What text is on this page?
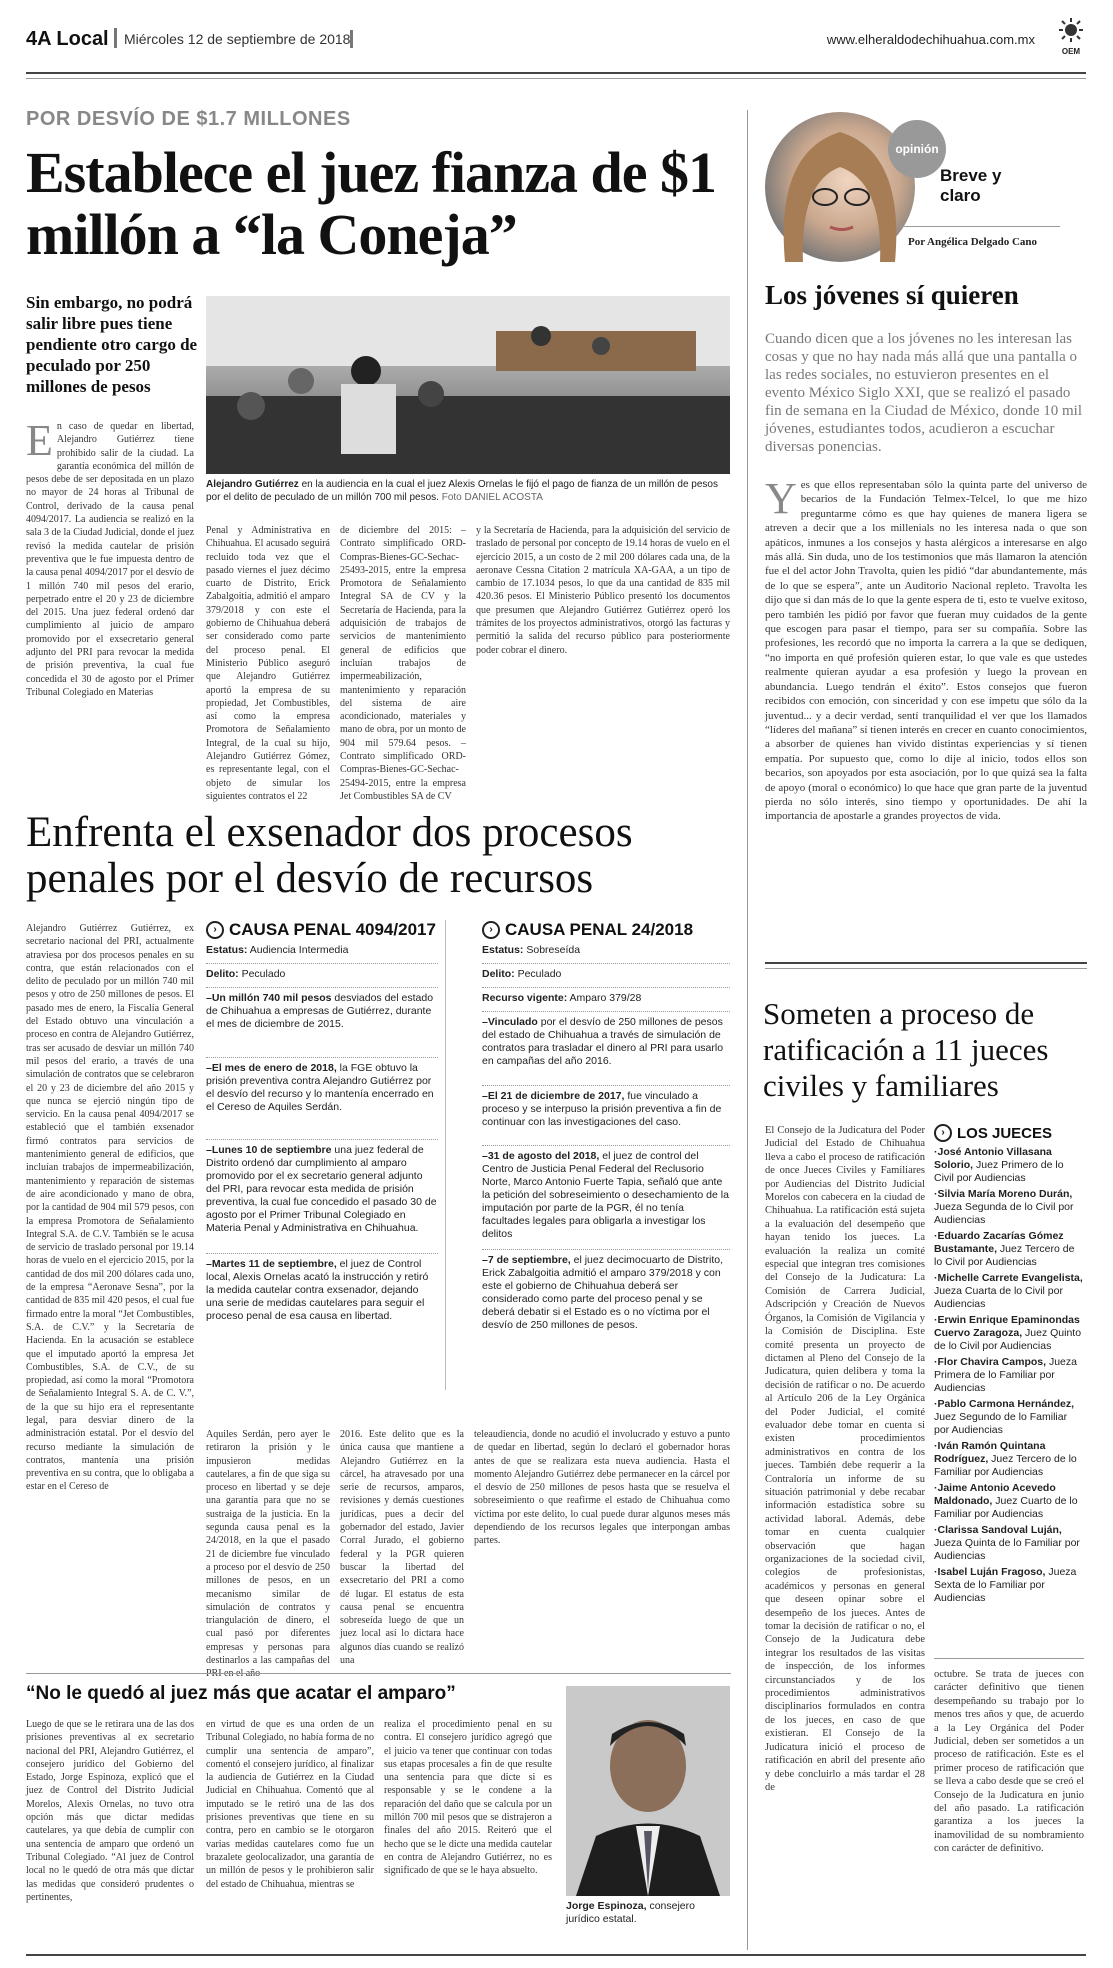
4A Local Miércoles 12 de septiembre de 2018	www.elheraldodechihuahua.com.mx
OEM
POR DESVÍO DE $1.7 MILLONES
Establece el juez fianza de $1 millón a “la Coneja”
Sin embargo, no podrá salir libre pues tiene pendiente otro cargo de peculado por 250 millones de pesos
Alejandro Gutiérrez en la audiencia en la cual el juez Alexis Ornelas le fijó el pago de fianza de un millón de pesos por el delito de peculado de un millón 700 mil pesos. Foto DANIEL ACOSTA
En caso de quedar en libertad, Alejandro Gutiérrez tiene prohibido salir de la ciudad. La garantía económica del millón de pesos debe de ser depositada en un plazo no mayor de 24 horas al Tribunal de Control, derivado de la causa penal 4094/2017. La audiencia se realizó en la sala 3 de la Ciudad Judicial, donde el juez revisó la medida cautelar de prisión preventiva que le fue impuesta dentro de la causa penal 4094/2017 por el desvío de 1 millón 740 mil pesos del erario, perpetrado entre el 20 y 23 de diciembre del 2015. Una juez federal ordenó dar cumplimiento al juicio de amparo promovido por el exsecretario general adjunto del PRI para revocar la medida de prisión preventiva, la cual fue concedida el 30 de agosto por el Primer Tribunal Colegiado en Materias
Penal y Administrativa en Chihuahua. El acusado seguirá recluido toda vez que el pasado viernes el juez décimo cuarto de Distrito, Erick Zabalgoitia, admitió el amparo 379/2018 y con este el gobierno de Chihuahua deberá ser considerado como parte del proceso penal. El Ministerio Público aseguró que Alejandro Gutiérrez aportó la empresa de su propiedad, Jet Combustibles, así como la empresa Promotora de Señalamiento Integral, de la cual su hijo, Alejandro Gutiérrez Gómez, es representante legal, con el objeto de simular los siguientes contratos el 22
de diciembre del 2015: –Contrato simplificado ORD-Compras-Bienes-GC-Sechac-25493-2015, entre la empresa Promotora de Señalamiento Integral SA de CV y la Secretaría de Hacienda, para la adquisición de trabajos de servicios de mantenimiento general de edificios que incluían trabajos de impermeabilización, mantenimiento y reparación del sistema de aire acondicionado, materiales y mano de obra, por un monto de 904 mil 579.64 pesos. –Contrato simplificado ORD-Compras-Bienes-GC-Sechac-25494-2015, entre la empresa Jet Combustibles SA de CV
y la Secretaría de Hacienda, para la adquisición del servicio de traslado de personal por concepto de 19.14 horas de vuelo en el ejercicio 2015, a un costo de 2 mil 200 dólares cada una, de la aeronave Cessna Citation 2 matrícula XA-GAA, a un tipo de cambio de 17.1034 pesos, lo que da una cantidad de 835 mil 420.36 pesos. El Ministerio Público presentó los documentos que presumen que Alejandro Gutiérrez Gutiérrez operó los trámites de los proyectos administrativos, otorgó las facturas y permitió la salida del recurso público para posteriormente poder cobrar el dinero.
Enfrenta el exsenador dos procesos penales por el desvío de recursos
Alejandro Gutiérrez Gutiérrez, ex secretario nacional del PRI, actualmente atraviesa por dos procesos penales en su contra, que están relacionados con el delito de peculado por un millón 740 mil pesos y otro de 250 millones de pesos. El pasado mes de enero, la Fiscalía General del Estado obtuvo una vinculación a proceso en contra de Alejandro Gutiérrez, tras ser acusado de desviar un millón 740 mil pesos del erario, a través de una simulación de contratos que se celebraron el 20 y 23 de diciembre del año 2015 y que nunca se ejerció ningún tipo de servicio. En la causa penal 4094/2017 se estableció que el también exsenador firmó contratos para servicios de mantenimiento general de edificios, que incluían trabajos de impermeabilización, mantenimiento y reparación de sistemas de aire acondicionado y mano de obra, por la cantidad de 904 mil 579 pesos, con la empresa Promotora de Señalamiento Integral S.A. de C.V. También se le acusa de servicio de traslado personal por 19.14 horas de vuelo en el ejercicio 2015, por la cantidad de dos mil 200 dólares cada uno, de la empresa “Aeronave Sesna”, por la cantidad de 835 mil 420 pesos, el cual fue firmado entre la moral “Jet Combustibles, S.A. de C.V.” y la Secretaría de Hacienda. En la acusación se establece que el imputado aportó la empresa Jet Combustibles, S.A. de C.V., de su propiedad, así como la moral “Promotora de Señalamiento Integral S. A. de C. V.”, de la que su hijo era el representante legal, para desviar dinero de la administración estatal. Por el desvío del recurso mediante la simulación de contratos, mantenía una prisión preventiva en su contra, que lo obligaba a estar en el Cereso de
› CAUSA PENAL 4094/2017
Estatus: Audiencia Intermedia
Delito: Peculado
–Un millón 740 mil pesos desviados del estado de Chihuahua a empresas de Gutiérrez, durante el mes de diciembre de 2015.
–El mes de enero de 2018, la FGE obtuvo la prisión preventiva contra Alejandro Gutiérrez por el desvío del recurso y lo mantenía encerrado en el Cereso de Aquiles Serdán.
–Lunes 10 de septiembre una juez federal de Distrito ordenó dar cumplimiento al amparo promovido por el ex secretario general adjunto del PRI, para revocar esta medida de prisión preventiva, la cual fue concedido el pasado 30 de agosto por el Primer Tribunal Colegiado en Materia Penal y Administrativa en Chihuahua.
–Martes 11 de septiembre, el juez de Control local, Alexis Ornelas acató la instrucción y retiró la medida cautelar contra exsenador, dejando una serie de medidas cautelares para seguir el proceso penal de esa causa en libertad.
› CAUSA PENAL 24/2018
Estatus: Sobreseída
Delito: Peculado
Recurso vigente: Amparo 379/28
–Vinculado por el desvío de 250 millones de pesos del estado de Chihuahua a través de simulación de contratos para trasladar el dinero al PRI para usarlo en campañas del año 2016.
–El 21 de diciembre de 2017, fue vinculado a proceso y se interpuso la prisión preventiva a fin de continuar con las investigaciones del caso.
–31 de agosto del 2018, el juez de control del Centro de Justicia Penal Federal del Reclusorio Norte, Marco Antonio Fuerte Tapia, señaló que ante la petición del sobreseimiento o desechamiento de la imputación por parte de la PGR, él no tenía facultades legales para obligarla a investigar los delitos
–7 de septiembre, el juez decimocuarto de Distrito, Erick Zabalgoitia admitió el amparo 379/2018 y con este el gobierno de Chihuahua deberá ser considerado como parte del proceso penal y se deberá debatir si el Estado es o no víctima por el desvío de 250 millones de pesos.
Aquiles Serdán, pero ayer le retiraron la prisión y le impusieron medidas cautelares, a fin de que siga su proceso en libertad y se deje una garantía para que no se sustraiga de la justicia. En la segunda causa penal es la 24/2018, en la que el pasado 21 de diciembre fue vinculado a proceso por el desvío de 250 millones de pesos, en un mecanismo similar de simulación de contratos y triangulación de dinero, el cual pasó por diferentes empresas y personas para destinarlos a las campañas del
2016. Este delito que es la única causa que mantiene a Alejandro Gutiérrez en la cárcel, ha atravesado por una serie de recursos, amparos, revisiones y demás cuestiones jurídicas, pues a decir del gobernador del estado, Javier Corral Jurado, el gobierno federal y la PGR quieren buscar la libertad del exsecretario del PRI a como dé lugar. El estatus de esta causa penal se encuentra sobreseída luego de que un juez local así lo dictara hace algunos días cuando se realizó una
teleaudiencia, donde no acudió el involucrado y estuvo a punto de quedar en libertad, según lo declaró el gobernador horas antes de que se realizara esta nueva audiencia. Hasta el momento Alejandro Gutiérrez debe permanecer en la cárcel por el desvío de 250 millones de pesos hasta que se resuelva el sobreseimiento o que reafirme el estado de Chihuahua como víctima por este delito, lo cual puede durar algunos meses más dependiendo de los recursos legales que interpongan ambas partes.
“No le quedó al juez más que acatar el amparo”
Luego de que se le retirara una de las dos prisiones preventivas al ex secretario nacional del PRI, Alejandro Gutiérrez, el consejero jurídico del Gobierno del Estado, Jorge Espinoza, explicó que el juez de Control del Distrito Judicial Morelos, Alexis Ornelas, no tuvo otra opción más que dictar medidas cautelares, ya que debía de cumplir con una sentencia de amparo que ordenó un Tribunal Colegiado. “Al juez de Control local no le quedó de otra más que dictar las medidas que consideró prudentes o pertinentes,
en virtud de que es una orden de un Tribunal Colegiado, no había forma de no cumplir una sentencia de amparo”, comentó el consejero jurídico, al finalizar la audiencia de Gutiérrez en la Ciudad Judicial en Chihuahua. Comentó que al imputado se le retiró una de las dos prisiones preventivas que tiene en su contra, pero en cambio se le otorgaron varias medidas cautelares como fue un brazalete geolocalizador, una garantía de un millón de pesos y le prohibieron salir del estado de Chihuahua, mientras se
realiza el procedimiento penal en su contra. El consejero jurídico agregó que el juicio va tener que continuar con todas sus etapas procesales a fin de que resulte una sentencia para que dicte si es responsable y se le condene a la reparación del daño que se calcula por un millón 700 mil pesos que se distrajeron a finales del año 2015. Reiteró que el hecho que se le dicte una medida cautelar en contra de Alejandro Gutiérrez, no es significado de que se le haya absuelto.
Jorge Espinoza, consejero jurídico estatal.
opinión
Breve y claro
Por Angélica Delgado Cano
Los jóvenes sí quieren
Cuando dicen que a los jóvenes no les interesan las cosas y que no hay nada más allá que una pantalla o las redes sociales, no estuvieron presentes en el evento México Siglo XXI, que se realizó el pasado fin de semana en la Ciudad de México, donde 10 mil jóvenes, estudiantes todos, acudieron a escuchar diversas ponencias.
Yes que ellos representaban sólo la quinta parte del universo de becarios de la Fundación Telmex-Telcel, lo que me hizo preguntarme cómo es que hay quienes de manera ligera se atreven a decir que a los millenials no les interesa nada o que son apáticos, inmunes a los consejos y hasta alérgicos a interesarse en algo más allá. Sin duda, uno de los testimonios que más llamaron la atención fue el del actor John Travolta, quien les pidió “dar abundantemente, más de lo que se espera”, ante un Auditorio Nacional repleto. Travolta les dijo que si dan más de lo que la gente espera de ti, esto te vuelve exitoso, pero también les pidió por favor que fueran muy cuidados de la gente que escogen para pasar el tiempo, para ser su compañía. Sobre las profesiones, les recordó que no importa la carrera a la que se dediquen, “no importa en qué profesión quieren estar, lo que vale es que ustedes realmente quieran ayudar a esa profesión y luego la provean en abundancia. Luego tendrán el éxito”. Estos consejos que fueron recibidos con emoción, con sinceridad y con ese ímpetu que sólo da la juventud... y a decir verdad, sentí tranquilidad el ver que los llamados “líderes del mañana” sí tienen interés en crecer en cuanto conocimientos, a absorber de quienes han vivido distintas experiencias y sí tienen empatía. Por supuesto que, como lo dije al inicio, todos ellos son becarios, son apoyados por esta asociación, por lo que quizá sea la falta de apoyo (moral o económico) lo que hace que gran parte de la juventud pierda no sólo interés, sino tiempo y oportunidades. De ahí la importancia de apostarle a grandes proyectos de vida.
Someten a proceso de ratificación a 11 jueces civiles y familiares
El Consejo de la Judicatura del Poder Judicial del Estado de Chihuahua lleva a cabo el proceso de ratificación de once Jueces Civiles y Familiares por Audiencias del Distrito Judicial Morelos con cabecera en la ciudad de Chihuahua. La ratificación está sujeta a la evaluación del desempeño que hayan tenido los jueces. La evaluación la realiza un comité especial que integran tres comisiones del Consejo de la Judicatura: La Comisión de Carrera Judicial, Adscripción y Creación de Nuevos Órganos, la Comisión de Vigilancia y la Comisión de Disciplina. Este comité presenta un proyecto de dictamen al Pleno del Consejo de la Judicatura, quien delibera y toma la decisión de ratificar o no. De acuerdo al Artículo 206 de la Ley Orgánica del Poder Judicial, el comité evaluador debe tomar en cuenta si existen procedimientos administrativos en contra de los jueces. También debe requerir a la Contraloría un informe de su situación patrimonial y debe recabar información estadística sobre su actividad laboral. Además, debe tomar en cuenta cualquier observación que hagan organizaciones de la sociedad civil, colegios de profesionistas, académicos y personas en general que deseen opinar sobre el desempeño de los jueces. Antes de tomar la decisión de ratificar o no, el Consejo de la Judicatura debe integrar los resultados de las visitas de inspección, de los informes circunstanciados y de los procedimientos administrativos disciplinarios formulados en contra de los jueces, en caso de que existieran. El Consejo de la Judicatura inició el proceso de ratificación en abril del presente año y debe concluirlo a más tardar el 28 de
› LOS JUECES
·José Antonio Villasana Solorio, Juez Primero de lo Civil por Audiencias
·Silvia María Moreno Durán, Jueza Segunda de lo Civil por Audiencias
·Eduardo Zacarías Gómez Bustamante, Juez Tercero de lo Civil por Audiencias
·Michelle Carrete Evangelista, Jueza Cuarta de lo Civil por Audiencias
·Erwin Enrique Epaminondas Cuervo Zaragoza, Juez Quinto de lo Civil por Audiencias
·Flor Chavira Campos, Jueza Primera de lo Familiar por Audiencias
·Pablo Carmona Hernández, Juez Segundo de lo Familiar por Audiencias
·Iván Ramón Quintana Rodríguez, Juez Tercero de lo Familiar por Audiencias
·Jaime Antonio Acevedo Maldonado, Juez Cuarto de lo Familiar por Audiencias
·Clarissa Sandoval Luján, Jueza Quinta de lo Familiar por Audiencias
·Isabel Luján Fragoso, Jueza Sexta de lo Familiar por Audiencias
octubre. Se trata de jueces con carácter definitivo que tienen desempeñando su trabajo por lo menos tres años y que, de acuerdo a la Ley Orgánica del Poder Judicial, deben ser sometidos a un proceso de ratificación. Este es el primer proceso de ratificación que se lleva a cabo desde que se creó el Consejo de la Judicatura en junio del año pasado. La ratificación garantiza a los jueces la inamovilidad de su nombramiento con carácter de definitivo.
